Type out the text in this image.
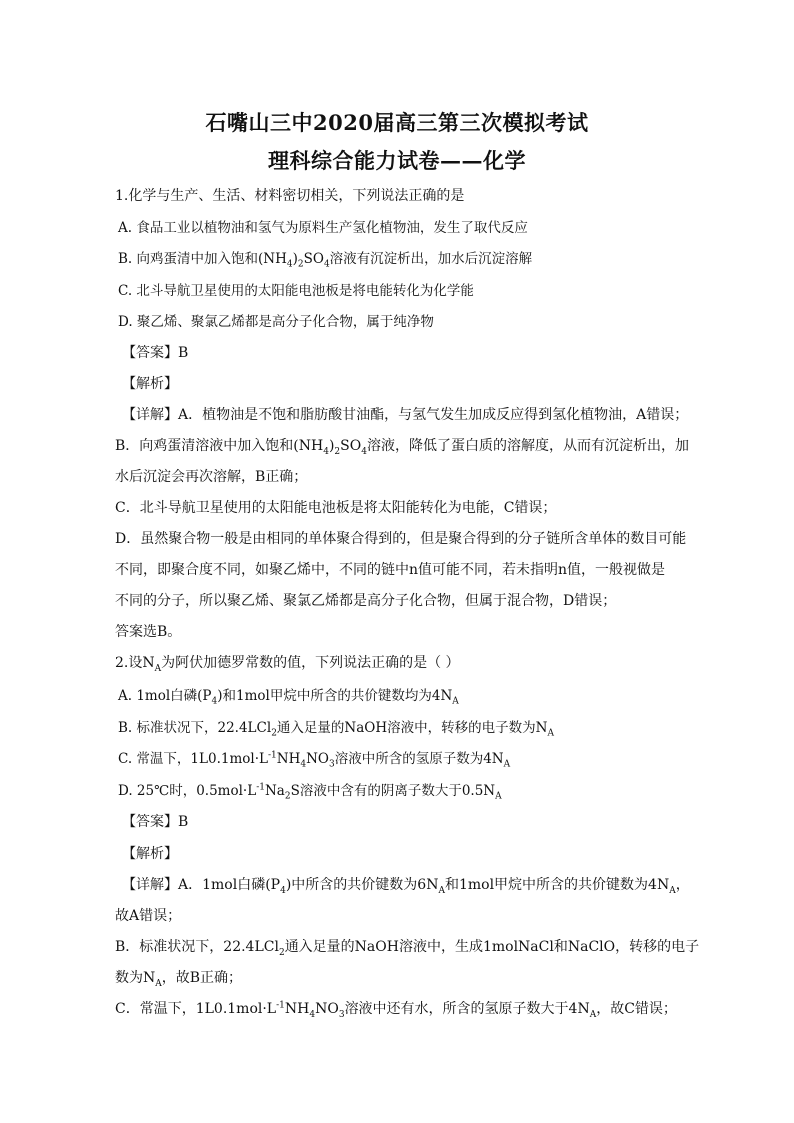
石嘴山三中2020届高三第三次模拟考试
理科综合能力试卷——化学
1.化学与生产、生活、材料密切相关，下列说法正确的是
A. 食品工业以植物油和氢气为原料生产氢化植物油，发生了取代反应
B. 向鸡蛋清中加入饱和$(NH_4)_2SO_4$溶液有沉淀析出，加水后沉淀溶解
C. 北斗导航卫星使用的太阳能电池板是将电能转化为化学能
D. 聚乙烯、聚氯乙烯都是高分子化合物，属于纯净物
【答案】B
【解析】
【详解】A．植物油是不饱和脂肪酸甘油酯，与氢气发生加成反应得到氢化植物油，A错误；
B．向鸡蛋清溶液中加入饱和$(NH_4)_2SO_4$溶液，降低了蛋白质的溶解度，从而有沉淀析出，加
水后沉淀会再次溶解，B正确；
C．北斗导航卫星使用的太阳能电池板是将太阳能转化为电能，C错误；
D．虽然聚合物一般是由相同的单体聚合得到的，但是聚合得到的分子链所含单体的数目可能
不同，即聚合度不同，如聚乙烯中，不同的链中n值可能不同，若未指明n值，一般视做是
不同的分子，所以聚乙烯、聚氯乙烯都是高分子化合物，但属于混合物，D错误；
答案选B。
2.设$N_A$为阿伏加德罗常数的值，下列说法正确的是（ ）
A. 1mol白磷$(P_4)$和1mol甲烷中所含的共价键数均为$4N_A$
B. 标准状况下，22.4LCl$_2$通入足量的NaOH溶液中，转移的电子数为$N_A$
C. 常温下，$1L0.1mol\cdot L^{-1}NH_4NO_3$溶液中所含的氢原子数为$4N_A$
D. 25℃时，$0.5mol\cdot L^{-1}Na_2S$溶液中含有的阴离子数大于$0.5N_A$
【答案】B
【解析】
【详解】A．1mol白磷$(P_4)$中所含的共价键数为$6N_A$和1mol甲烷中所含的共价键数为$4N_A$，
故A错误；
B．标准状况下，22.4LCl$_2$通入足量的NaOH溶液中，生成1molNaCl和NaClO，转移的电子
数为$N_A$，故B正确；
C．常温下，$1L0.1mol\cdot L^{-1}NH_4NO_3$溶液中还有水，所含的氢原子数大于$4N_A$，故C错误；
